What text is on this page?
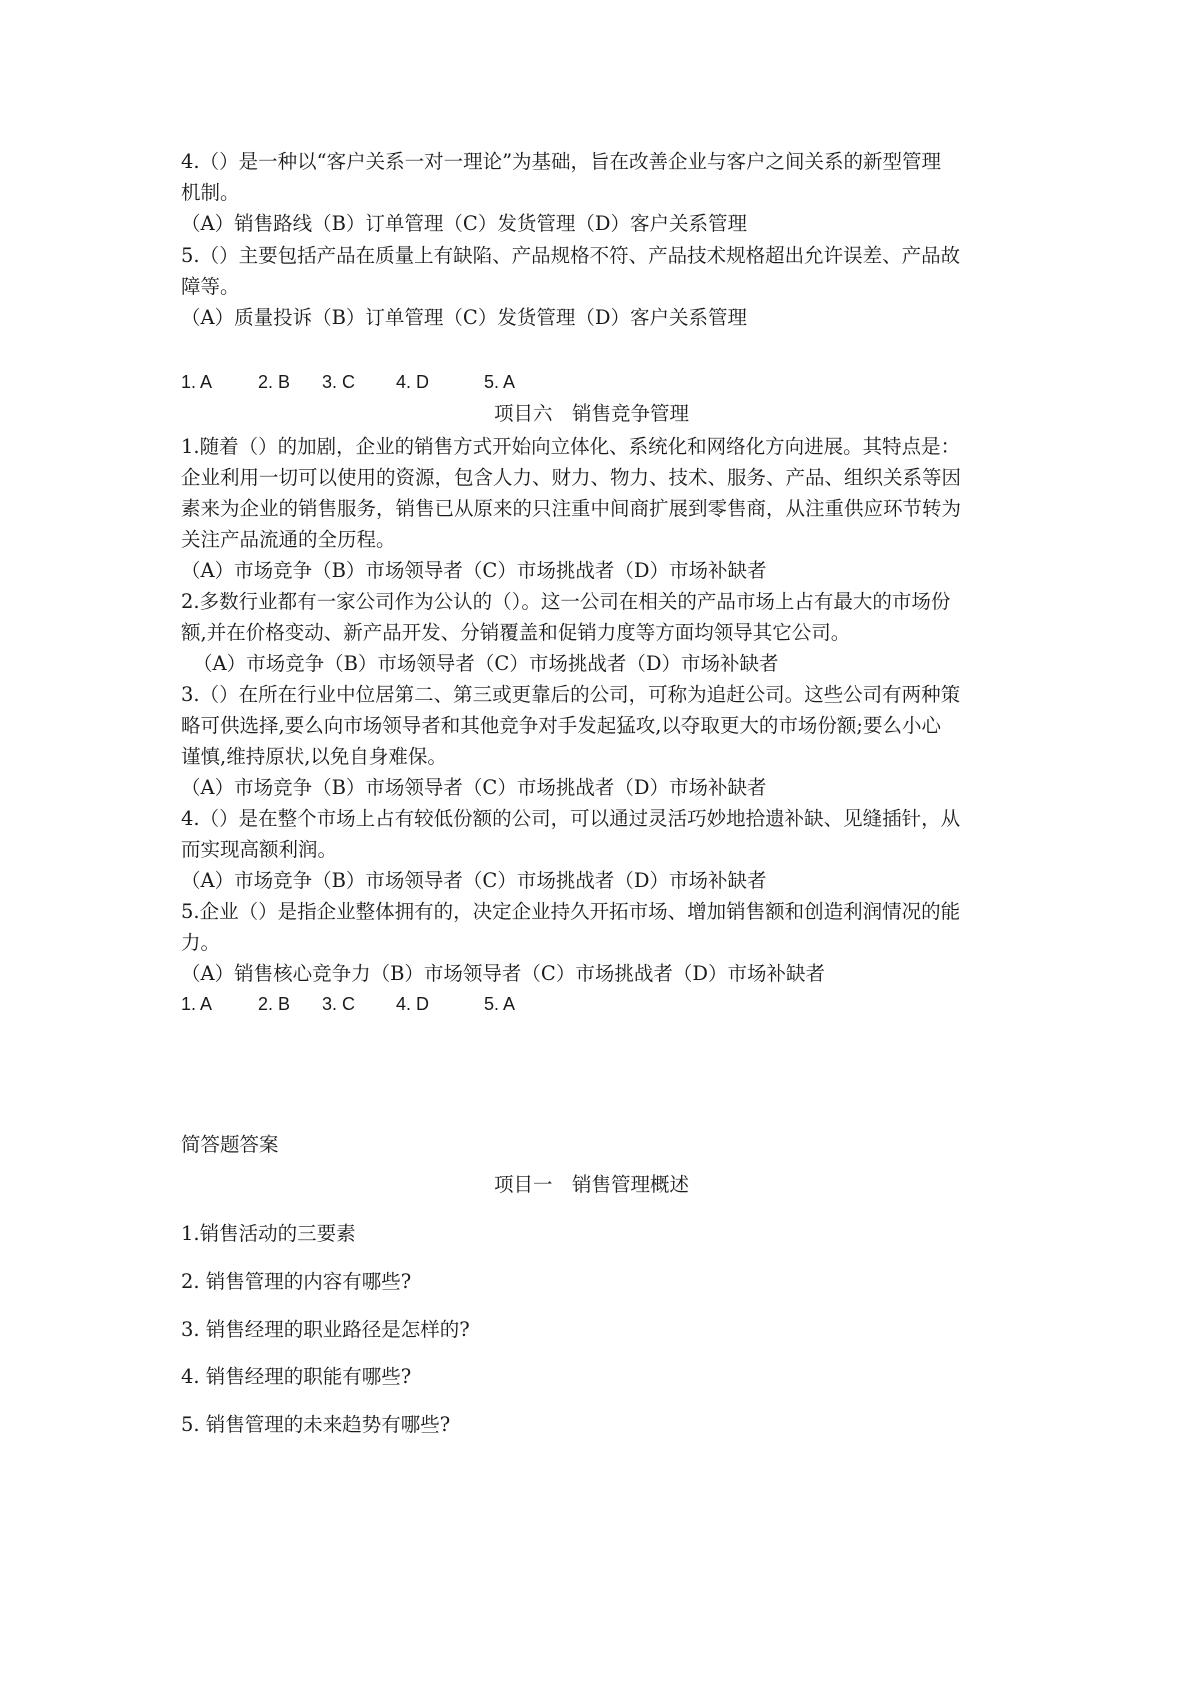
4.（）是一种以“客户关系一对一理论”为基础，旨在改善企业与客户之间关系的新型管理
机制。
（A）销售路线（B）订单管理（C）发货管理（D）客户关系管理
5.（）主要包括产品在质量上有缺陷、产品规格不符、产品技术规格超出允许误差、产品故
障等。
（A）质量投诉（B）订单管理（C）发货管理（D）客户关系管理
1. A	2. B 3. C 4. D	5. A
项目六　销售竞争管理
1.随着（）的加剧，企业的销售方式开始向立体化、系统化和网络化方向进展。其特点是：
企业利用一切可以使用的资源，包含人力、财力、物力、技术、服务、产品、组织关系等因
素来为企业的销售服务，销售已从原来的只注重中间商扩展到零售商，从注重供应环节转为
关注产品流通的全历程。
（A）市场竞争（B）市场领导者（C）市场挑战者（D）市场补缺者
2.多数行业都有一家公司作为公认的（）。这一公司在相关的产品市场上占有最大的市场份
额,并在价格变动、新产品开发、分销覆盖和促销力度等方面均领导其它公司。
（A）市场竞争（B）市场领导者（C）市场挑战者（D）市场补缺者
3.（）在所在行业中位居第二、第三或更靠后的公司，可称为追赶公司。这些公司有两种策
略可供选择,要么向市场领导者和其他竞争对手发起猛攻,以夺取更大的市场份额;要么小心
谨慎,维持原状,以免自身难保。
（A）市场竞争（B）市场领导者（C）市场挑战者（D）市场补缺者
4.（）是在整个市场上占有较低份额的公司，可以通过灵活巧妙地拾遗补缺、见缝插针，从
而实现高额利润。
（A）市场竞争（B）市场领导者（C）市场挑战者（D）市场补缺者
5.企业（）是指企业整体拥有的，决定企业持久开拓市场、增加销售额和创造利润情况的能
力。
（A）销售核心竞争力（B）市场领导者（C）市场挑战者（D）市场补缺者
1. A	2. B 3. C 4. D	5. A
简答题答案
项目一　销售管理概述
1.销售活动的三要素
2. 销售管理的内容有哪些?
3. 销售经理的职业路径是怎样的?
4. 销售经理的职能有哪些?
5. 销售管理的未来趋势有哪些?
